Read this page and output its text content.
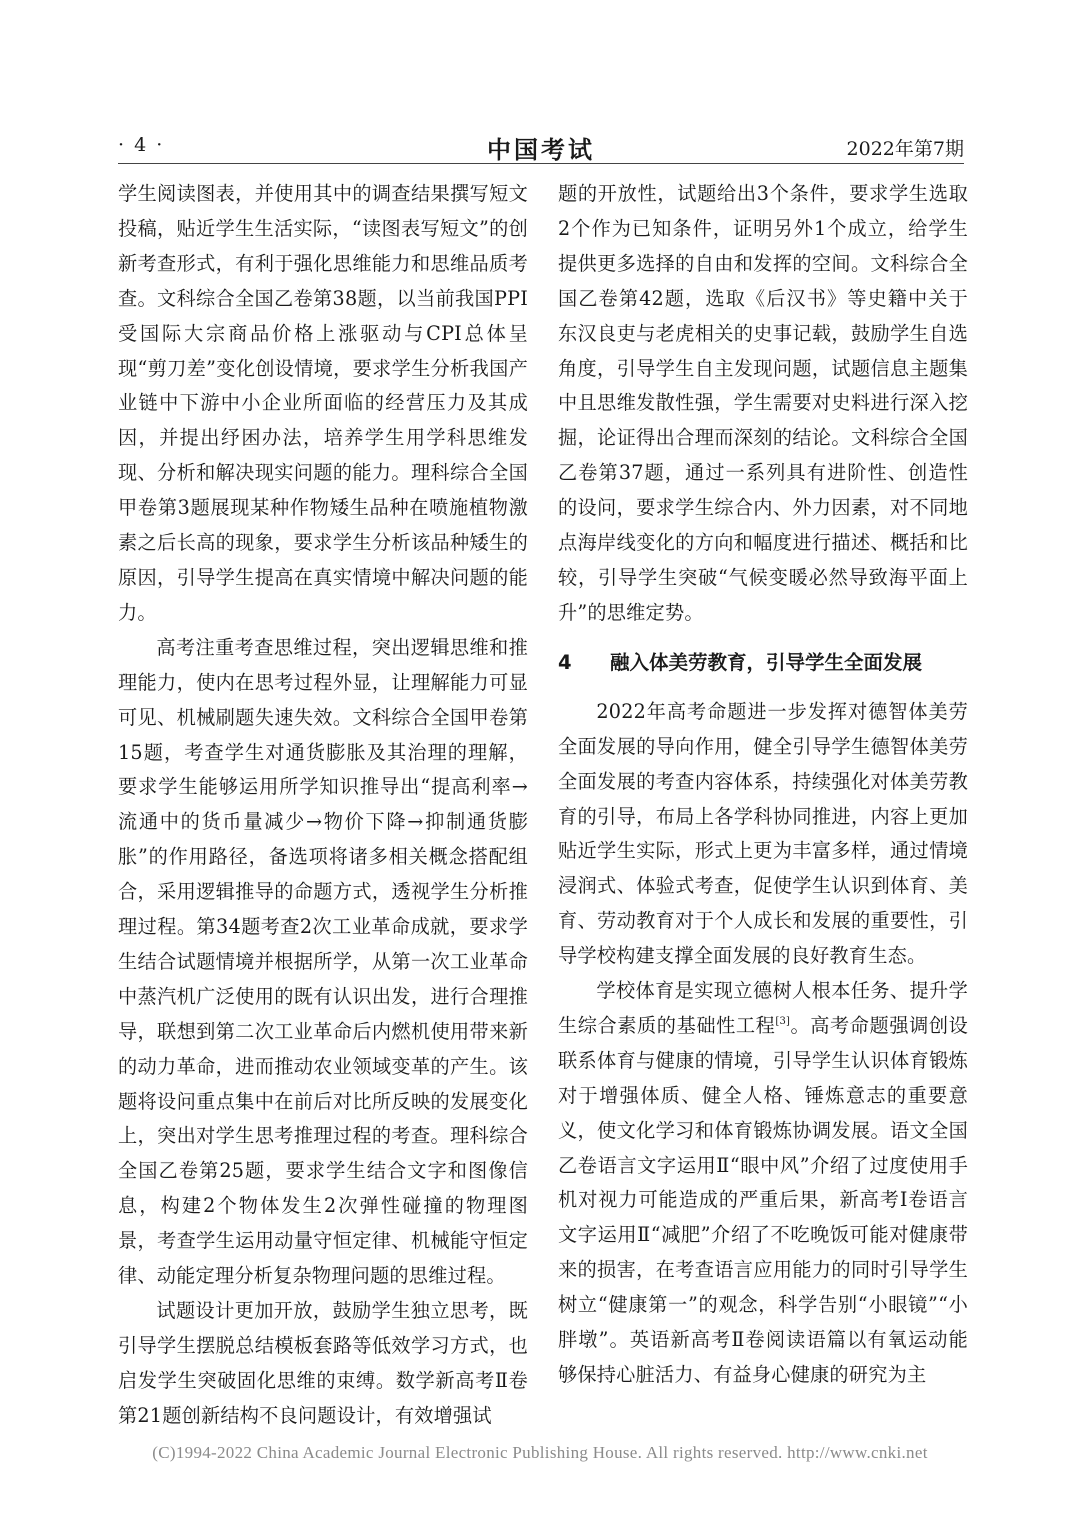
· 4 ·	中国考试	2022年第7期

学生阅读图表，并使用其中的调查结果撰写短文投稿，贴近学生生活实际，“读图表写短文”的创新考查形式，有利于强化思维能力和思维品质考查。文科综合全国乙卷第38题，以当前我国PPI受国际大宗商品价格上涨驱动与CPI总体呈现“剪刀差”变化创设情境，要求学生分析我国产业链中下游中小企业所面临的经营压力及其成因，并提出纾困办法，培养学生用学科思维发现、分析和解决现实问题的能力。理科综合全国甲卷第3题展现某种作物矮生品种在喷施植物激素之后长高的现象，要求学生分析该品种矮生的原因，引导学生提高在真实情境中解决问题的能力。

高考注重考查思维过程，突出逻辑思维和推理能力，使内在思考过程外显，让理解能力可显可见、机械刷题失速失效。文科综合全国甲卷第15题，考查学生对通货膨胀及其治理的理解，要求学生能够运用所学知识推导出“提高利率→流通中的货币量减少→物价下降→抑制通货膨胀”的作用路径，备选项将诸多相关概念搭配组合，采用逻辑推导的命题方式，透视学生分析推理过程。第34题考查2次工业革命成就，要求学生结合试题情境并根据所学，从第一次工业革命中蒸汽机广泛使用的既有认识出发，进行合理推导，联想到第二次工业革命后内燃机使用带来新的动力革命，进而推动农业领域变革的产生。该题将设问重点集中在前后对比所反映的发展变化上，突出对学生思考推理过程的考查。理科综合全国乙卷第25题，要求学生结合文字和图像信息，构建2个物体发生2次弹性碰撞的物理图景，考查学生运用动量守恒定律、机械能守恒定律、动能定理分析复杂物理问题的思维过程。

试题设计更加开放，鼓励学生独立思考，既引导学生摆脱总结模板套路等低效学习方式，也启发学生突破固化思维的束缚。数学新高考Ⅱ卷第21题创新结构不良问题设计，有效增强试

题的开放性，试题给出3个条件，要求学生选取2个作为已知条件，证明另外1个成立，给学生提供更多选择的自由和发挥的空间。文科综合全国乙卷第42题，选取《后汉书》等史籍中关于东汉良吏与老虎相关的史事记载，鼓励学生自选角度，引导学生自主发现问题，试题信息主题集中且思维发散性强，学生需要对史料进行深入挖掘，论证得出合理而深刻的结论。文科综合全国乙卷第37题，通过一系列具有进阶性、创造性的设问，要求学生综合内、外力因素，对不同地点海岸线变化的方向和幅度进行描述、概括和比较，引导学生突破“气候变暖必然导致海平面上升”的思维定势。

4 融入体美劳教育，引导学生全面发展

2022年高考命题进一步发挥对德智体美劳全面发展的导向作用，健全引导学生德智体美劳全面发展的考查内容体系，持续强化对体美劳教育的引导，布局上各学科协同推进，内容上更加贴近学生实际，形式上更为丰富多样，通过情境浸润式、体验式考查，促使学生认识到体育、美育、劳动教育对于个人成长和发展的重要性，引导学校构建支撑全面发展的良好教育生态。

学校体育是实现立德树人根本任务、提升学生综合素质的基础性工程[3]。高考命题强调创设联系体育与健康的情境，引导学生认识体育锻炼对于增强体质、健全人格、锤炼意志的重要意义，使文化学习和体育锻炼协调发展。语文全国乙卷语言文字运用Ⅱ“眼中风”介绍了过度使用手机对视力可能造成的严重后果，新高考Ⅰ卷语言文字运用Ⅱ“减肥”介绍了不吃晚饭可能对健康带来的损害，在考查语言应用能力的同时引导学生树立“健康第一”的观念，科学告别“小眼镜”“小胖墩”。英语新高考Ⅱ卷阅读语篇以有氧运动能够保持心脏活力、有益身心健康的研究为主

(C)1994-2022 China Academic Journal Electronic Publishing House. All rights reserved. http://www.cnki.net
